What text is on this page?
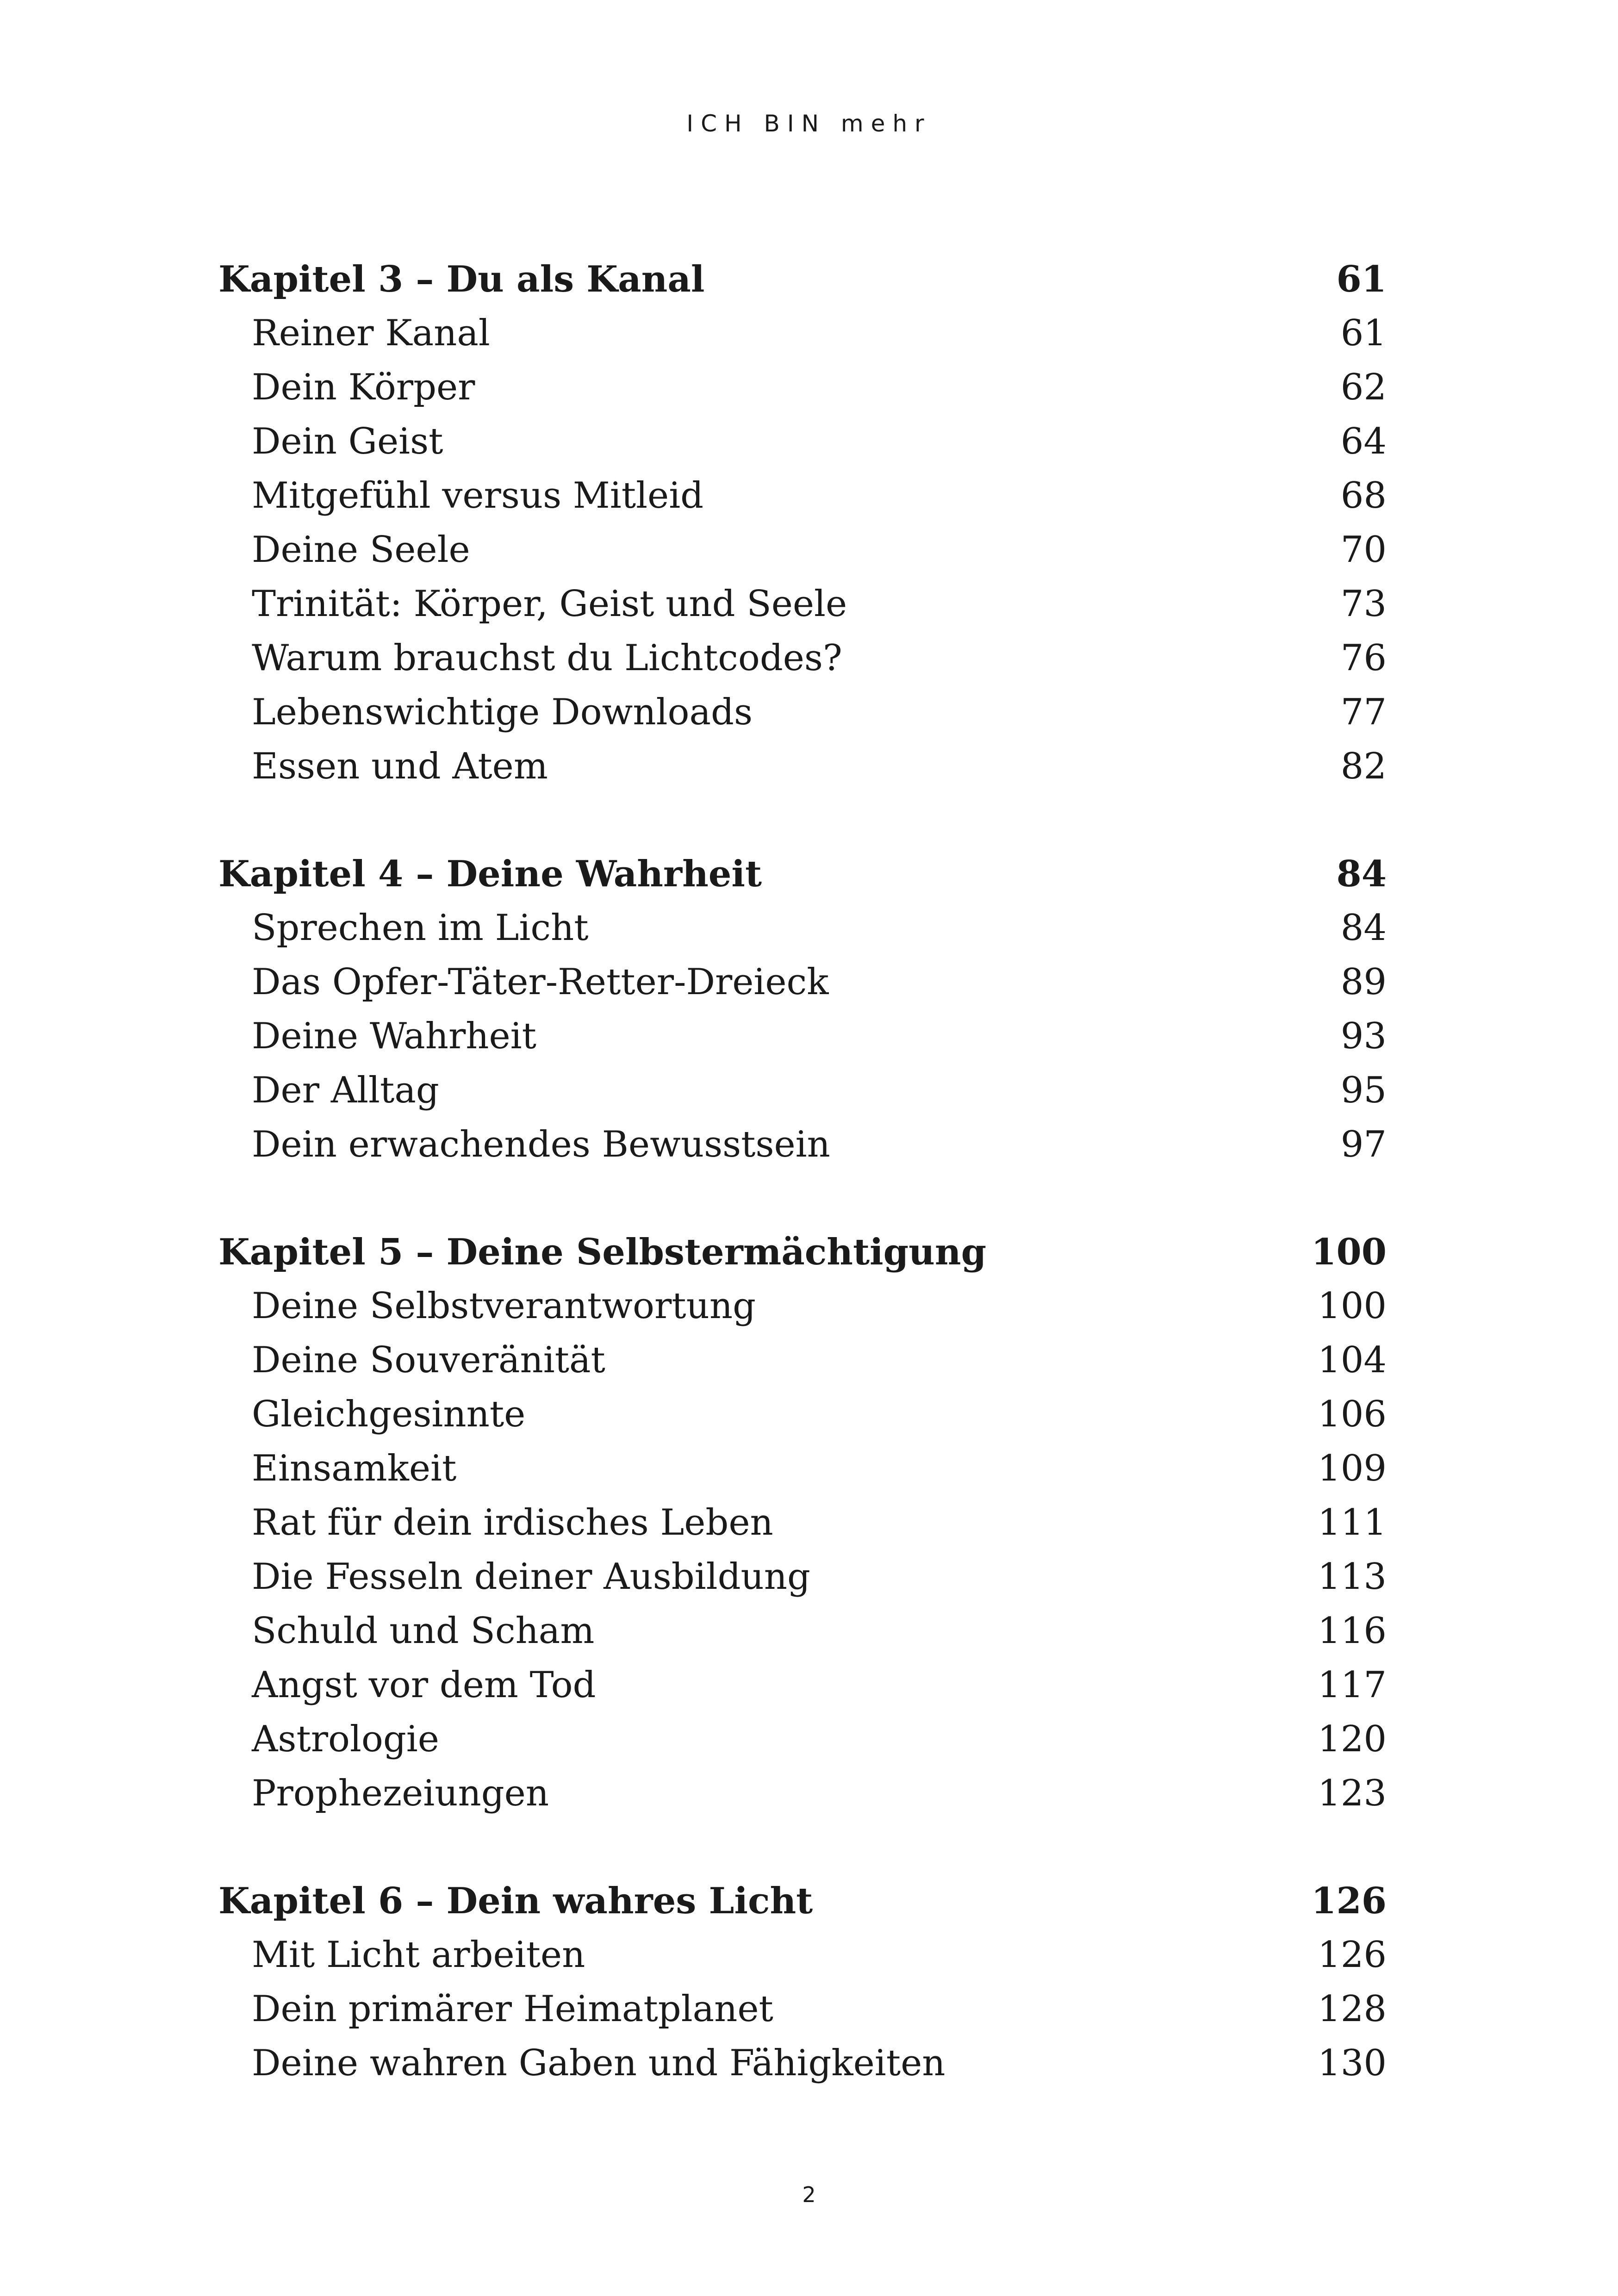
ICH BIN mehr
Kapitel 3 – Du als Kanal	61
Reiner Kanal	61
Dein Körper	62
Dein Geist	64
Mitgefühl versus Mitleid	68
Deine Seele	70
Trinität: Körper, Geist und Seele	73
Warum brauchst du Lichtcodes?	76
Lebenswichtige Downloads	77
Essen und Atem	82
Kapitel 4 – Deine Wahrheit	84
Sprechen im Licht	84
Das Opfer-Täter-Retter-Dreieck	89
Deine Wahrheit	93
Der Alltag	95
Dein erwachendes Bewusstsein	97
Kapitel 5 – Deine Selbstermächtigung	100
Deine Selbstverantwortung	100
Deine Souveränität	104
Gleichgesinnte	106
Einsamkeit	109
Rat für dein irdisches Leben	111
Die Fesseln deiner Ausbildung	113
Schuld und Scham	116
Angst vor dem Tod	117
Astrologie	120
Prophezeiungen	123
Kapitel 6 – Dein wahres Licht	126
Mit Licht arbeiten	126
Dein primärer Heimatplanet	128
Deine wahren Gaben und Fähigkeiten	130
2
